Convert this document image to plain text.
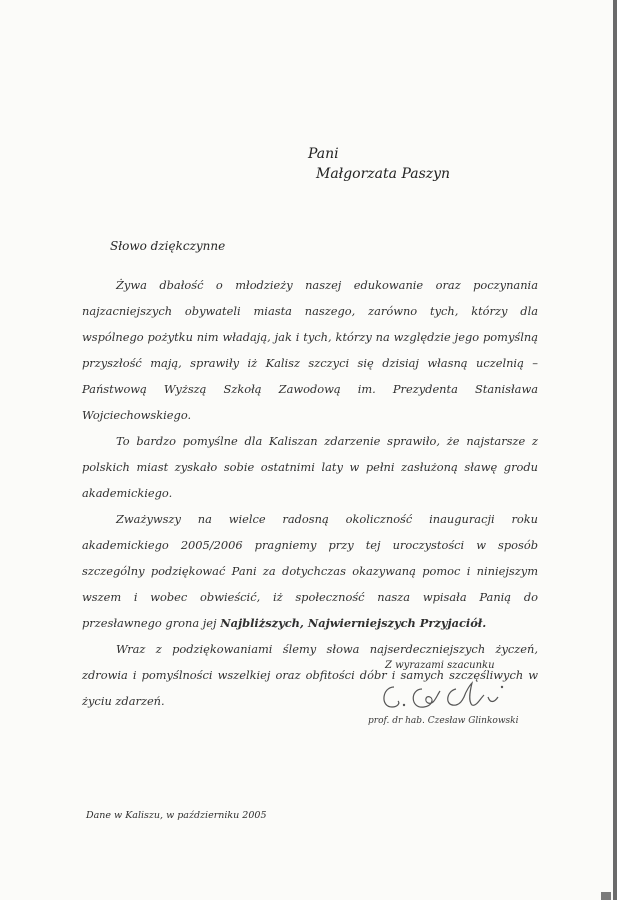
Pani
Małgorzata Paszyn
Słowo dziękczynne

Żywa dbałość o młodzieży naszej edukowanie oraz poczynania najzacniejszych obywateli miasta naszego, zarówno tych, którzy dla wspólnego pożytku nim władają, jak i tych, którzy na względzie jego pomyślną przyszłość mają, sprawiły iż Kalisz szczyci się dzisiaj własną uczelnią – Państwową Wyższą Szkołą Zawodową im. Prezydenta Stanisława Wojciechowskiego.

To bardzo pomyślne dla Kaliszan zdarzenie sprawiło, że najstarsze z polskich miast zyskało sobie ostatnimi laty w pełni zasłużoną sławę grodu akademickiego.

Zważywszy na wielce radosną okoliczność inauguracji roku akademickiego 2005/2006 pragniemy przy tej uroczystości w sposób szczególny podziękować Pani za dotychczas okazywaną pomoc i niniejszym wszem i wobec obwieścić, iż społeczność nasza wpisała Panią do przesławnego grona jej Najbliższych, Najwierniejszych Przyjaciół.

Wraz z podziękowaniami ślemy słowa najserdeczniejszych życzeń, zdrowia i pomyślności wszelkiej oraz obfitości dóbr i samych szczęśliwych w życiu zdarzeń.

Z wyrazami szacunku
prof. dr hab. Czesław Glinkowski
Dane w Kaliszu, w październiku 2005
